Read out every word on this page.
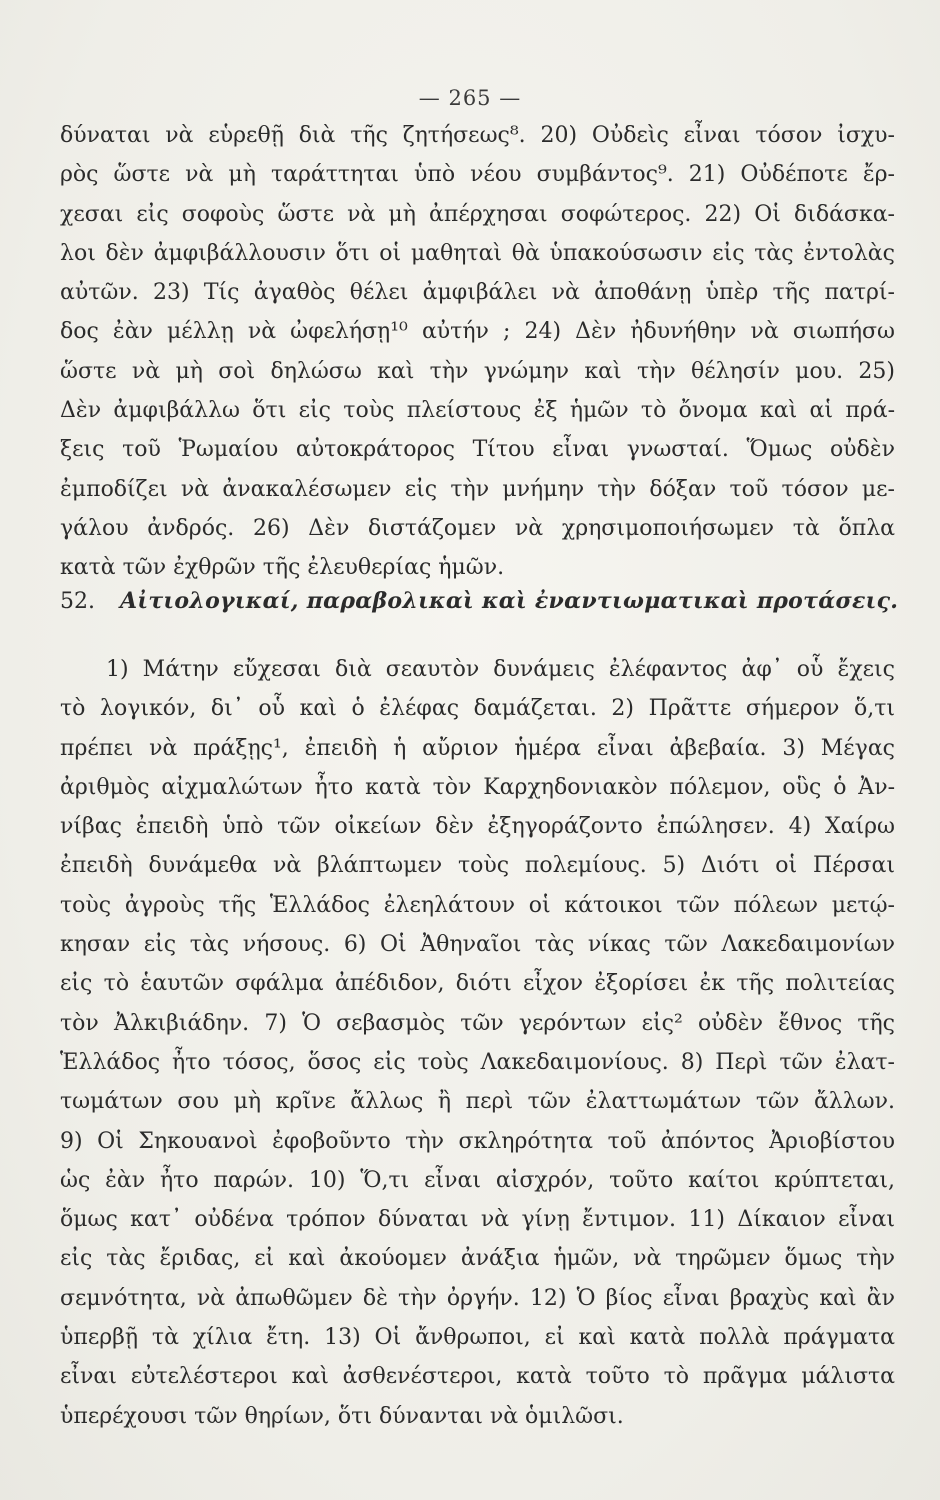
— 265 —
δύναται νὰ εὑρεθῇ διὰ τῆς ζητήσεως⁸. 20) Οὐδεὶς εἶναι τόσον ἰσχυ-
ρὸς ὥστε νὰ μὴ ταράττηται ὑπὸ νέου συμβάντος⁹. 21) Οὐδέποτε ἔρ-
χεσαι εἰς σοφοὺς ὥστε νὰ μὴ ἀπέρχησαι σοφώτερος. 22) Οἱ διδάσκα-
λοι δὲν ἀμφιβάλλουσιν ὅτι οἱ μαθηταὶ θὰ ὑπακούσωσιν εἰς τὰς ἐντολὰς
αὐτῶν. 23) Τίς ἀγαθὸς θέλει ἀμφιβάλει νὰ ἀποθάνῃ ὑπὲρ τῆς πατρί-
δος ἐὰν μέλλῃ νὰ ὠφελήσῃ¹⁰ αὐτήν ; 24) Δὲν ἠδυνήθην νὰ σιωπήσω
ὥστε νὰ μὴ σοὶ δηλώσω καὶ τὴν γνώμην καὶ τὴν θέλησίν μου. 25)
Δὲν ἀμφιβάλλω ὅτι εἰς τοὺς πλείστους ἐξ ἡμῶν τὸ ὄνομα καὶ αἱ πρά-
ξεις τοῦ Ῥωμαίου αὐτοκράτορος Τίτου εἶναι γνωσταί. Ὅμως οὐδὲν
ἐμποδίζει νὰ ἀνακαλέσωμεν εἰς τὴν μνήμην τὴν δόξαν τοῦ τόσον με-
γάλου ἀνδρός. 26) Δὲν διστάζομεν νὰ χρησιμοποιήσωμεν τὰ ὅπλα
κατὰ τῶν ἐχθρῶν τῆς ἐλευθερίας ἡμῶν.
52. Αἰτιολογικαί, παραβολικαὶ καὶ ἐναντιωματικαὶ προτάσεις.
1) Μάτην εὔχεσαι διὰ σεαυτὸν δυνάμεις ἐλέφαντος ἀφ᾿ οὗ ἔχεις
τὸ λογικόν, δι᾿ οὗ καὶ ὁ ἐλέφας δαμάζεται. 2) Πρᾶττε σήμερον ὅ,τι
πρέπει νὰ πράξῃς¹, ἐπειδὴ ἡ αὔριον ἡμέρα εἶναι ἀβεβαία. 3) Μέγας
ἀριθμὸς αἰχμαλώτων ἦτο κατὰ τὸν Καρχηδονιακὸν πόλεμον, οὓς ὁ Ἀν-
νίβας ἐπειδὴ ὑπὸ τῶν οἰκείων δὲν ἐξηγοράζοντο ἐπώλησεν. 4) Χαίρω
ἐπειδὴ δυνάμεθα νὰ βλάπτωμεν τοὺς πολεμίους. 5) Διότι οἱ Πέρσαι
τοὺς ἀγροὺς τῆς Ἑλλάδος ἐλεηλάτουν οἱ κάτοικοι τῶν πόλεων μετῴ-
κησαν εἰς τὰς νήσους. 6) Οἱ Ἀθηναῖοι τὰς νίκας τῶν Λακεδαιμονίων
εἰς τὸ ἑαυτῶν σφάλμα ἀπέδιδον, διότι εἶχον ἐξορίσει ἐκ τῆς πολιτείας
τὸν Ἀλκιβιάδην. 7) Ὁ σεβασμὸς τῶν γερόντων εἰς² οὐδὲν ἔθνος τῆς
Ἑλλάδος ἦτο τόσος, ὅσος εἰς τοὺς Λακεδαιμονίους. 8) Περὶ τῶν ἐλατ-
τωμάτων σου μὴ κρῖνε ἄλλως ἢ περὶ τῶν ἐλαττωμάτων τῶν ἄλλων.
9) Οἱ Σηκουανοὶ ἐφοβοῦντο τὴν σκληρότητα τοῦ ἀπόντος Ἀριοβίστου
ὡς ἐὰν ἦτο παρών. 10) Ὅ,τι εἶναι αἰσχρόν, τοῦτο καίτοι κρύπτεται,
ὅμως κατ᾿ οὐδένα τρόπον δύναται νὰ γίνῃ ἔντιμον. 11) Δίκαιον εἶναι
εἰς τὰς ἔριδας, εἰ καὶ ἀκούομεν ἀνάξια ἡμῶν, νὰ τηρῶμεν ὅμως τὴν
σεμνότητα, νὰ ἀπωθῶμεν δὲ τὴν ὀργήν. 12) Ὁ βίος εἶναι βραχὺς καὶ ἂν
ὑπερβῇ τὰ χίλια ἔτη. 13) Οἱ ἄνθρωποι, εἰ καὶ κατὰ πολλὰ πράγματα
εἶναι εὐτελέστεροι καὶ ἀσθενέστεροι, κατὰ τοῦτο τὸ πρᾶγμα μάλιστα
ὑπερέχουσι τῶν θηρίων, ὅτι δύνανται νὰ ὁμιλῶσι.
